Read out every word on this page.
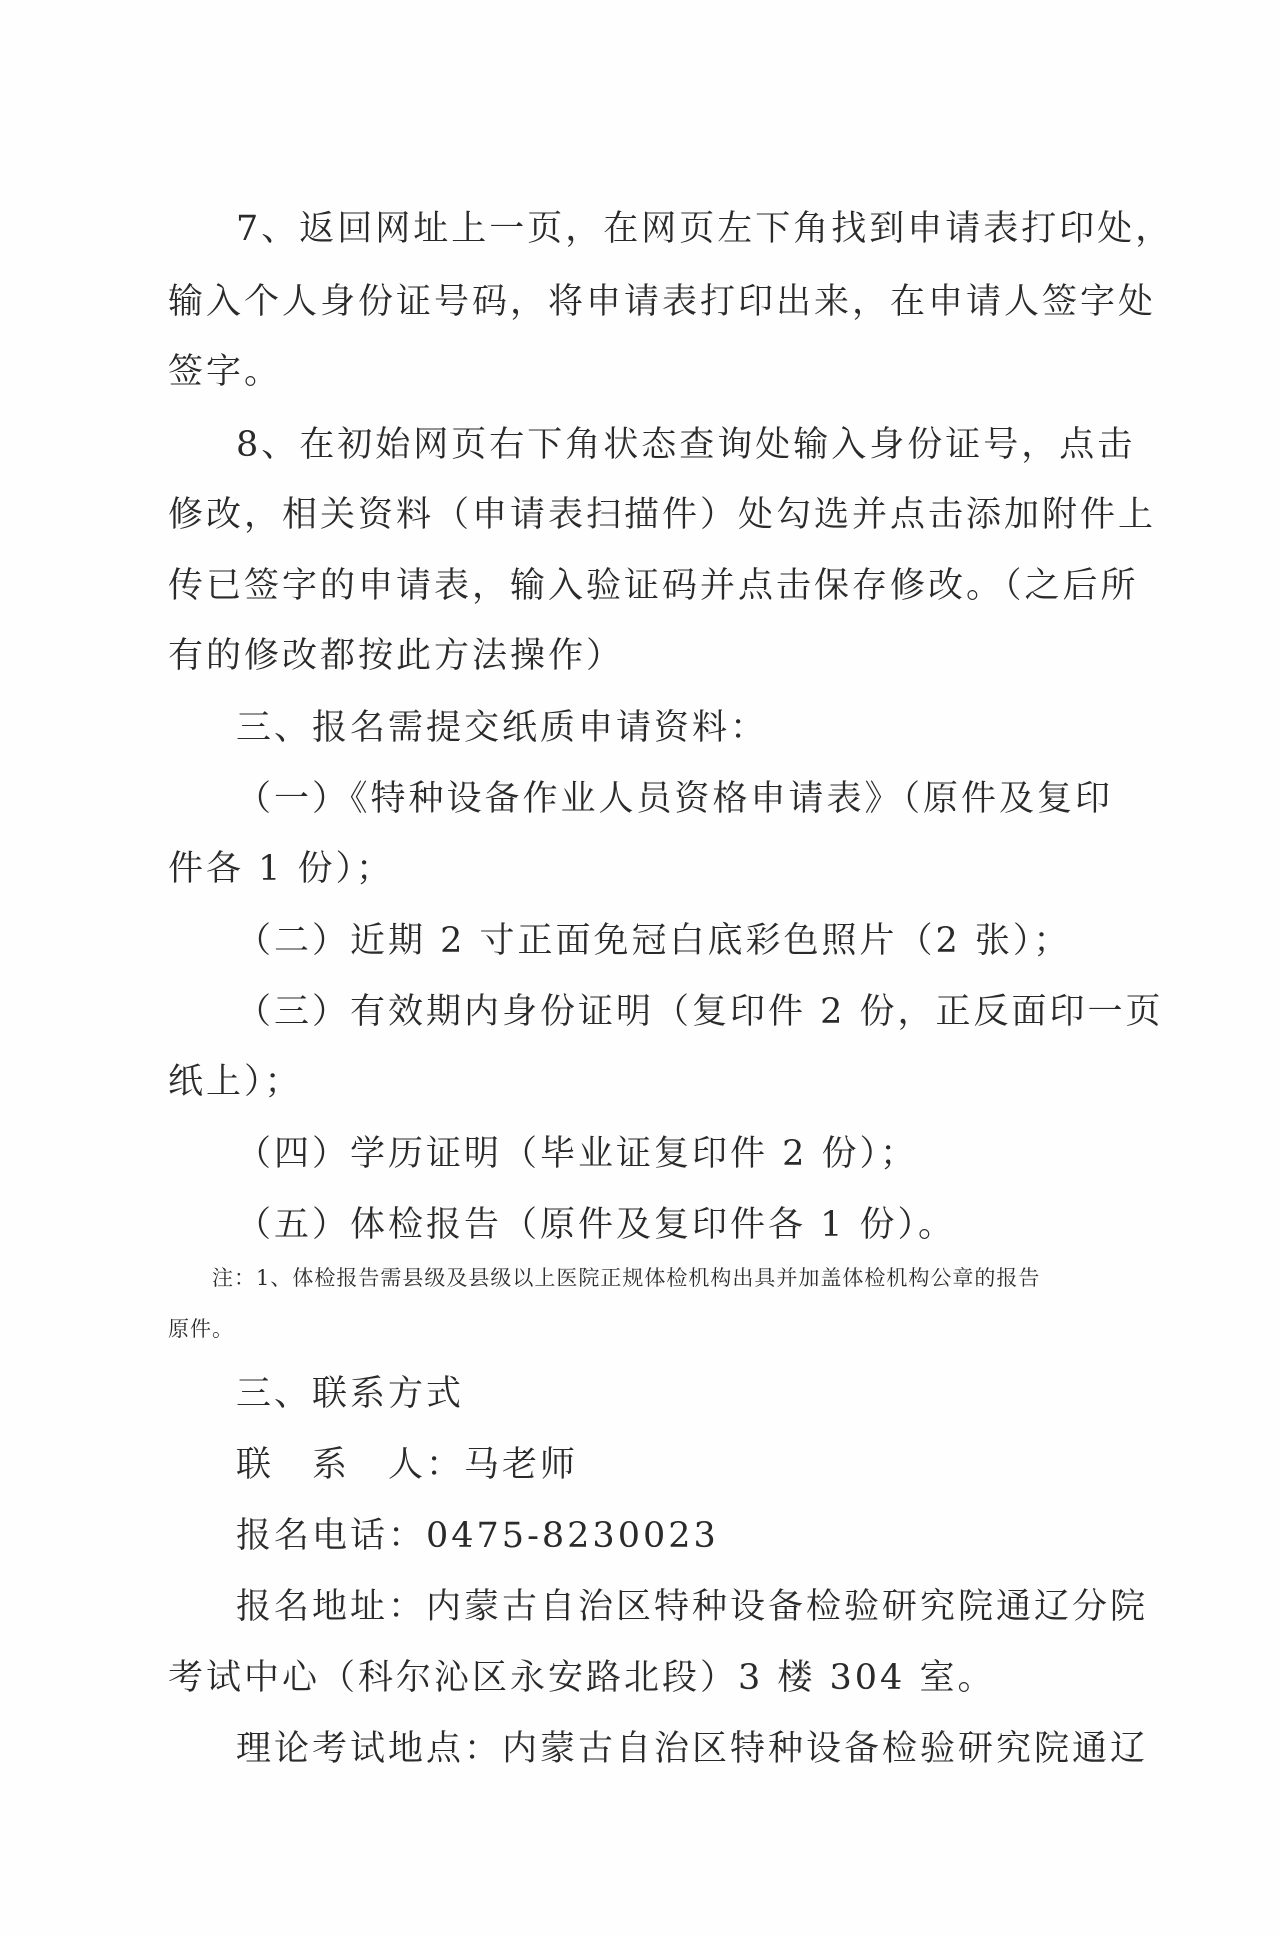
7、返回网址上一页，在网页左下角找到申请表打印处，
输入个人身份证号码，将申请表打印出来，在申请人签字处
签字。
8、在初始网页右下角状态查询处输入身份证号，点击
修改，相关资料（申请表扫描件）处勾选并点击添加附件上
传已签字的申请表，输入验证码并点击保存修改。（之后所
有的修改都按此方法操作）
三、报名需提交纸质申请资料：
（一）《特种设备作业人员资格申请表》（原件及复印
件各 1 份）；
（二）近期 2 寸正面免冠白底彩色照片（2 张）；
（三）有效期内身份证明（复印件 2 份，正反面印一页
纸上）；
（四）学历证明（毕业证复印件 2 份）；
（五）体检报告（原件及复印件各 1 份）。
注：1、体检报告需县级及县级以上医院正规体检机构出具并加盖体检机构公章的报告
原件。
三、联系方式
联　系　人：马老师
报名电话：0475-8230023
报名地址：内蒙古自治区特种设备检验研究院通辽分院
考试中心（科尔沁区永安路北段）3 楼 304 室。
理论考试地点：内蒙古自治区特种设备检验研究院通辽
